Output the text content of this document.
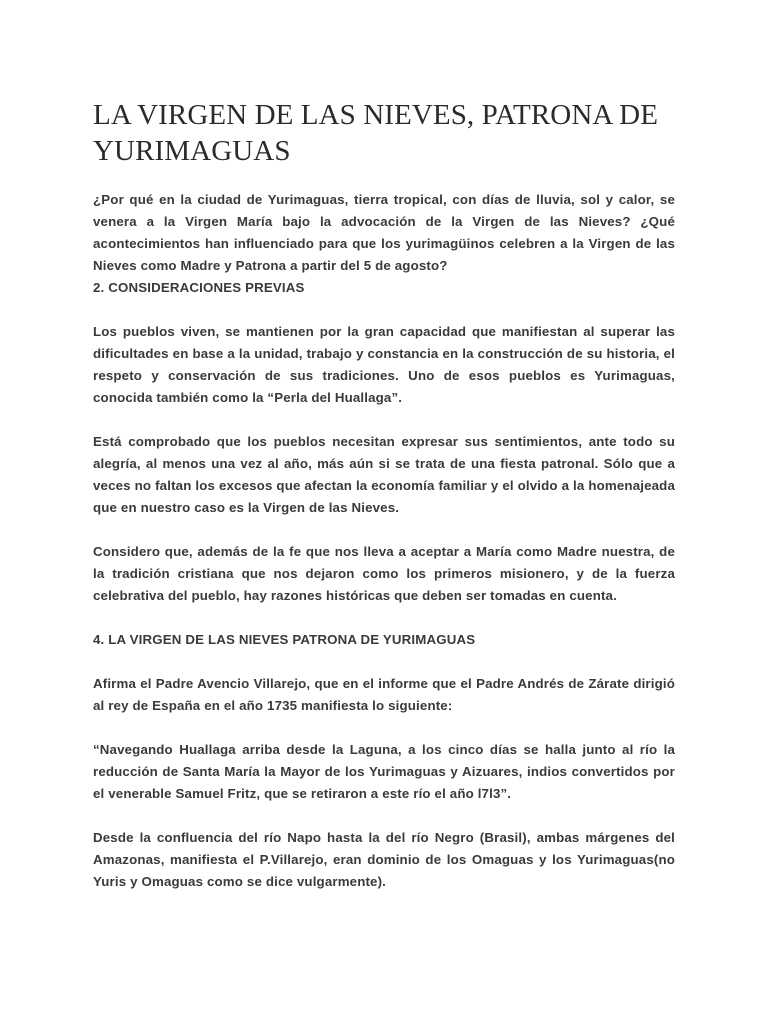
LA VIRGEN DE LAS NIEVES, PATRONA DE YURIMAGUAS

¿Por qué en la ciudad de Yurimaguas, tierra tropical, con días de lluvia, sol y calor, se venera a la Virgen María bajo la advocación de la Virgen de las Nieves? ¿Qué acontecimientos han influenciado para que los yurimagüinos celebren a la Virgen de las Nieves como Madre y Patrona a partir del 5 de agosto?

2. CONSIDERACIONES PREVIAS

Los pueblos viven, se mantienen por la gran capacidad que manifiestan al superar las dificultades en base a la unidad, trabajo y constancia en la construcción de su historia, el respeto y conservación de sus tradiciones. Uno de esos pueblos es Yurimaguas, conocida también como la “Perla del Huallaga”.

Está comprobado que los pueblos necesitan expresar sus sentimientos, ante todo su alegría, al menos una vez al año, más aún si se trata de una fiesta patronal. Sólo que a veces no faltan los excesos que afectan la economía familiar y el olvido a la homenajeada que en nuestro caso es la Virgen de las Nieves.

Considero que, además de la fe que nos lleva a aceptar a María como Madre nuestra, de la tradición cristiana que nos dejaron como los primeros misionero, y de la fuerza celebrativa del pueblo, hay razones históricas que deben ser tomadas en cuenta.

4. LA VIRGEN DE LAS NIEVES PATRONA DE YURIMAGUAS

Afirma el Padre Avencio Villarejo, que en el informe que el Padre Andrés de Zárate dirigió al rey de España en el año 1735 manifiesta lo siguiente:

“Navegando Huallaga arriba desde la Laguna, a los cinco días se halla junto al río la reducción de Santa María la Mayor de los Yurimaguas y Aizuares, indios convertidos por el venerable Samuel Fritz, que se retiraron a este río el año l7l3”.

Desde la confluencia del río Napo hasta la del río Negro (Brasil), ambas márgenes del Amazonas, manifiesta el P.Villarejo, eran dominio de los Omaguas y los Yurimaguas(no Yuris y Omaguas como se dice vulgarmente).
